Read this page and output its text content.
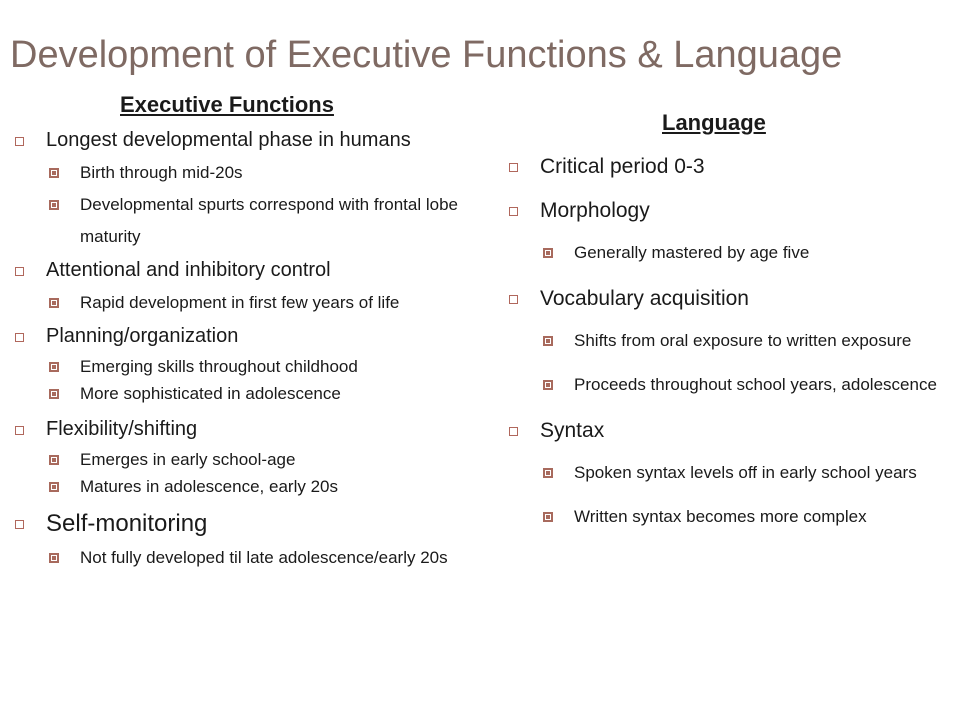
Development of Executive Functions & Language
Executive Functions
Longest developmental phase in humans
Birth through mid-20s
Developmental spurts correspond with frontal lobe maturity
Attentional and inhibitory control
Rapid development in first few years of life
Planning/organization
Emerging skills throughout childhood
More sophisticated in adolescence
Flexibility/shifting
Emerges in early school-age
Matures in adolescence, early 20s
Self-monitoring
Not fully developed til late adolescence/early 20s
Language
Critical period 0-3
Morphology
Generally mastered by age five
Vocabulary acquisition
Shifts from oral exposure to written exposure
Proceeds throughout school years, adolescence
Syntax
Spoken syntax levels off in early school years
Written syntax becomes more complex
